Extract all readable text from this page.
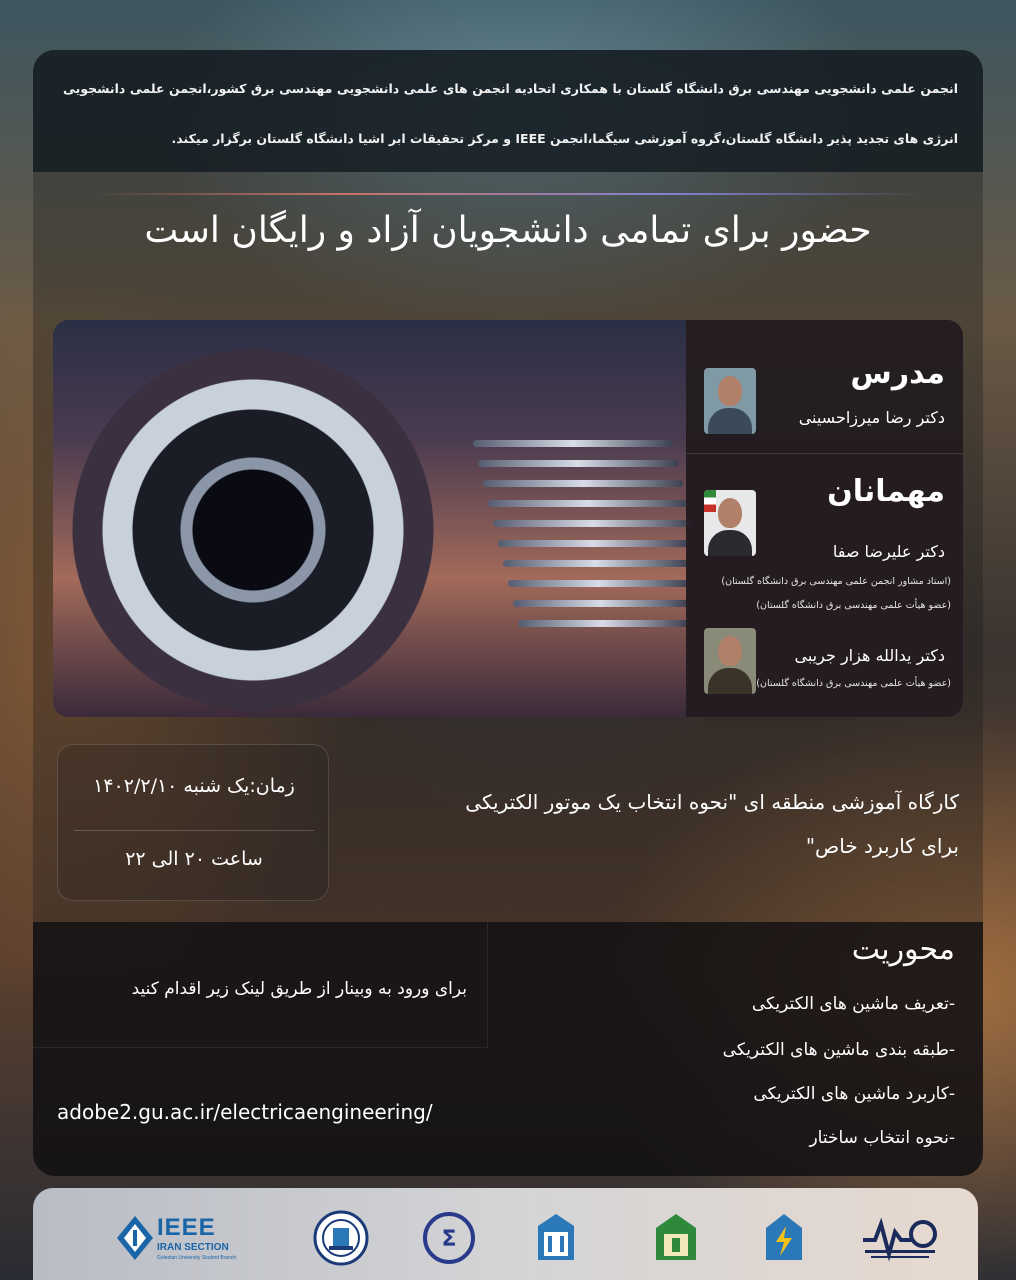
انجمن علمی دانشجویی مهندسی برق دانشگاه گلستان با همکاری اتحادیه انجمن های علمی دانشجویی مهندسی برق کشور،انجمن علمی دانشجویی انرژی های تجدید پذیر دانشگاه گلستان،گروه آموزشی سیگما،انجمن IEEE و مرکز تحقیقات ابر اشیا دانشگاه گلستان برگزار میکند.

حضور برای تمامی دانشجویان آزاد و رایگان است
مدرس
دکتر رضا میرزاحسینی
مهمانان
دکتر علیرضا صفا
(استاد مشاور انجمن علمی مهندسی برق دانشگاه گلستان)
(عضو هیأت علمی مهندسی برق دانشگاه گلستان)
دکتر یدالله هزار جریبی
(عضو هیأت علمی مهندسی برق دانشگاه گلستان)
زمان:یک شنبه ۱۴۰۲/۲/۱۰
ساعت ۲۰ الی ۲۲
کارگاه آموزشی منطقه ای "نحوه انتخاب یک موتور الکتریکی
برای کاربرد خاص"
برای ورود به وبینار از طریق لینک زیر اقدام کنید
adobe2.gu.ac.ir/electricaengineering/
محوریت
-تعریف ماشین های الکتریکی
-طبقه بندی ماشین های الکتریکی
-کاربرد ماشین های الکتریکی
-نحوه انتخاب ساختار
IEEE
IRAN SECTION
Golestan University Student Branch
Σ
